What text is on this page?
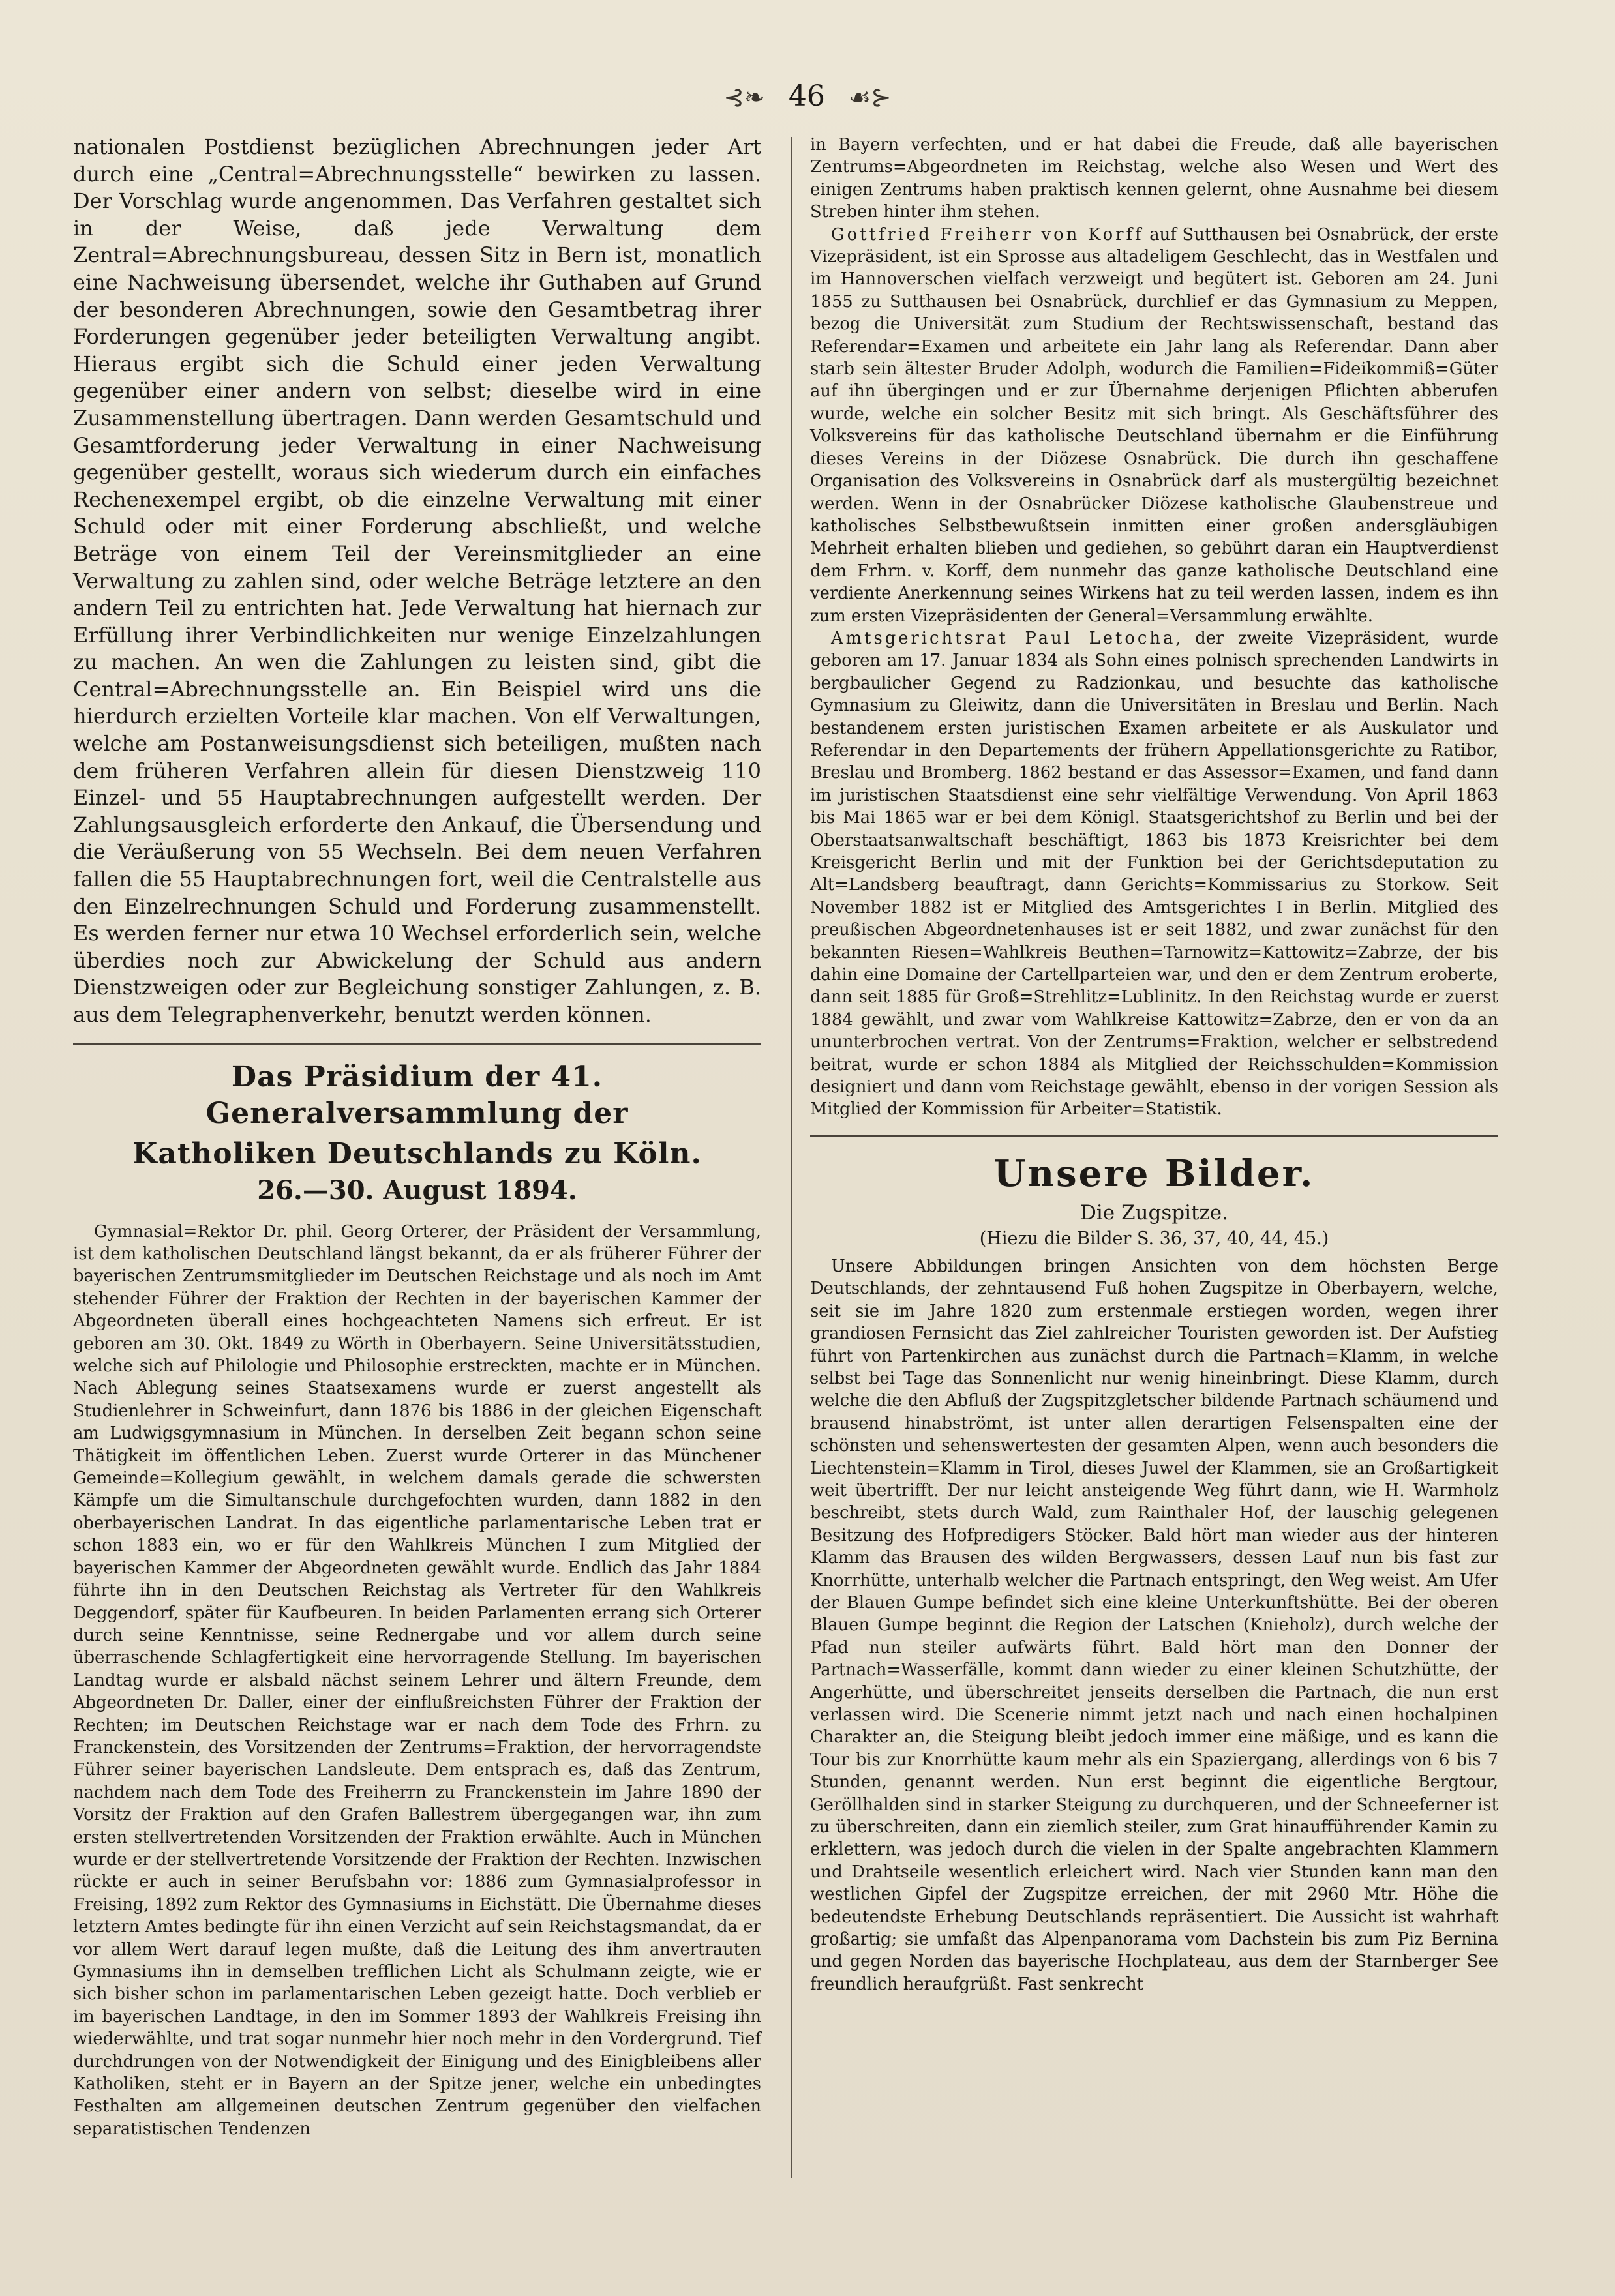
⊰❧ 46 ☙⊱

nationalen Postdienst bezüglichen Abrechnungen jeder Art durch eine „Central=Abrechnungsstelle“ bewirken zu lassen. Der Vorschlag wurde angenommen. Das Verfahren gestaltet sich in der Weise, daß jede Verwaltung dem Zentral=Abrechnungsbureau, dessen Sitz in Bern ist, monatlich eine Nachweisung übersendet, welche ihr Guthaben auf Grund der besonderen Abrechnungen, sowie den Gesamtbetrag ihrer Forderungen gegenüber jeder beteiligten Verwaltung angibt. Hieraus ergibt sich die Schuld einer jeden Verwaltung gegenüber einer andern von selbst; dieselbe wird in eine Zusammenstellung übertragen. Dann werden Gesamtschuld und Gesamtforderung jeder Verwaltung in einer Nachweisung gegenüber gestellt, woraus sich wiederum durch ein einfaches Rechenexempel ergibt, ob die einzelne Verwaltung mit einer Schuld oder mit einer Forderung abschließt, und welche Beträge von einem Teil der Vereinsmitglieder an eine Verwaltung zu zahlen sind, oder welche Beträge letztere an den andern Teil zu entrichten hat. Jede Verwaltung hat hiernach zur Erfüllung ihrer Verbindlichkeiten nur wenige Einzelzahlungen zu machen. An wen die Zahlungen zu leisten sind, gibt die Central=Abrechnungsstelle an. Ein Beispiel wird uns die hierdurch erzielten Vorteile klar machen. Von elf Verwaltungen, welche am Postanweisungsdienst sich beteiligen, mußten nach dem früheren Verfahren allein für diesen Dienstzweig 110 Einzel- und 55 Hauptabrechnungen aufgestellt werden. Der Zahlungsausgleich erforderte den Ankauf, die Übersendung und die Veräußerung von 55 Wechseln. Bei dem neuen Verfahren fallen die 55 Hauptabrechnungen fort, weil die Centralstelle aus den Einzelrechnungen Schuld und Forderung zusammenstellt. Es werden ferner nur etwa 10 Wechsel erforderlich sein, welche überdies noch zur Abwickelung der Schuld aus andern Dienstzweigen oder zur Begleichung sonstiger Zahlungen, z. B. aus dem Telegraphenverkehr, benutzt werden können.

Das Präsidium der 41. Generalversammlung der
Katholiken Deutschlands zu Köln.
26.—30. August 1894.

Gymnasial=Rektor Dr. phil. Georg Orterer, der Präsident der Versammlung, ist dem katholischen Deutschland längst bekannt, da er als früherer Führer der bayerischen Zentrumsmitglieder im Deutschen Reichstage und als noch im Amt stehender Führer der Fraktion der Rechten in der bayerischen Kammer der Abgeordneten überall eines hochgeachteten Namens sich erfreut. Er ist geboren am 30. Okt. 1849 zu Wörth in Oberbayern. Seine Universitätsstudien, welche sich auf Philologie und Philosophie erstreckten, machte er in München. Nach Ablegung seines Staatsexamens wurde er zuerst angestellt als Studienlehrer in Schweinfurt, dann 1876 bis 1886 in der gleichen Eigenschaft am Ludwigsgymnasium in München. In derselben Zeit begann schon seine Thätigkeit im öffentlichen Leben. Zuerst wurde Orterer in das Münchener Gemeinde=Kollegium gewählt, in welchem damals gerade die schwersten Kämpfe um die Simultanschule durchgefochten wurden, dann 1882 in den oberbayerischen Landrat. In das eigentliche parlamentarische Leben trat er schon 1883 ein, wo er für den Wahlkreis München I zum Mitglied der bayerischen Kammer der Abgeordneten gewählt wurde. Endlich das Jahr 1884 führte ihn in den Deutschen Reichstag als Vertreter für den Wahlkreis Deggendorf, später für Kaufbeuren. In beiden Parlamenten errang sich Orterer durch seine Kenntnisse, seine Rednergabe und vor allem durch seine überraschende Schlagfertigkeit eine hervorragende Stellung. Im bayerischen Landtag wurde er alsbald nächst seinem Lehrer und ältern Freunde, dem Abgeordneten Dr. Daller, einer der einflußreichsten Führer der Fraktion der Rechten; im Deutschen Reichstage war er nach dem Tode des Frhrn. zu Franckenstein, des Vorsitzenden der Zentrums=Fraktion, der hervorragendste Führer seiner bayerischen Landsleute. Dem entsprach es, daß das Zentrum, nachdem nach dem Tode des Freiherrn zu Franckenstein im Jahre 1890 der Vorsitz der Fraktion auf den Grafen Ballestrem übergegangen war, ihn zum ersten stellvertretenden Vorsitzenden der Fraktion erwählte. Auch in München wurde er der stellvertretende Vorsitzende der Fraktion der Rechten. Inzwischen rückte er auch in seiner Berufsbahn vor: 1886 zum Gymnasialprofessor in Freising, 1892 zum Rektor des Gymnasiums in Eichstätt. Die Übernahme dieses letztern Amtes bedingte für ihn einen Verzicht auf sein Reichstagsmandat, da er vor allem Wert darauf legen mußte, daß die Leitung des ihm anvertrauten Gymnasiums ihn in demselben trefflichen Licht als Schulmann zeigte, wie er sich bisher schon im parlamentarischen Leben gezeigt hatte. Doch verblieb er im bayerischen Landtage, in den im Sommer 1893 der Wahlkreis Freising ihn wiederwählte, und trat sogar nunmehr hier noch mehr in den Vordergrund. Tief durchdrungen von der Notwendigkeit der Einigung und des Einigbleibens aller Katholiken, steht er in Bayern an der Spitze jener, welche ein unbedingtes Festhalten am allgemeinen deutschen Zentrum gegenüber den vielfachen separatistischen Tendenzen

in Bayern verfechten, und er hat dabei die Freude, daß alle bayerischen Zentrums=Abgeordneten im Reichstag, welche also Wesen und Wert des einigen Zentrums haben praktisch kennen gelernt, ohne Ausnahme bei diesem Streben hinter ihm stehen.

Gottfried Freiherr von Korff auf Sutthausen bei Osnabrück, der erste Vizepräsident, ist ein Sprosse aus altadeligem Geschlecht, das in Westfalen und im Hannoverschen vielfach verzweigt und begütert ist. Geboren am 24. Juni 1855 zu Sutthausen bei Osnabrück, durchlief er das Gymnasium zu Meppen, bezog die Universität zum Studium der Rechtswissenschaft, bestand das Referendar=Examen und arbeitete ein Jahr lang als Referendar. Dann aber starb sein ältester Bruder Adolph, wodurch die Familien=Fideikommiß=Güter auf ihn übergingen und er zur Übernahme derjenigen Pflichten abberufen wurde, welche ein solcher Besitz mit sich bringt. Als Geschäftsführer des Volksvereins für das katholische Deutschland übernahm er die Einführung dieses Vereins in der Diözese Osnabrück. Die durch ihn geschaffene Organisation des Volksvereins in Osnabrück darf als mustergültig bezeichnet werden. Wenn in der Osnabrücker Diözese katholische Glaubenstreue und katholisches Selbstbewußtsein inmitten einer großen andersgläubigen Mehrheit erhalten blieben und gediehen, so gebührt daran ein Hauptverdienst dem Frhrn. v. Korff, dem nunmehr das ganze katholische Deutschland eine verdiente Anerkennung seines Wirkens hat zu teil werden lassen, indem es ihn zum ersten Vizepräsidenten der General=Versammlung erwählte.

Amtsgerichtsrat Paul Letocha, der zweite Vizepräsident, wurde geboren am 17. Januar 1834 als Sohn eines polnisch sprechenden Landwirts in bergbaulicher Gegend zu Radzionkau, und besuchte das katholische Gymnasium zu Gleiwitz, dann die Universitäten in Breslau und Berlin. Nach bestandenem ersten juristischen Examen arbeitete er als Auskulator und Referendar in den Departements der frühern Appellationsgerichte zu Ratibor, Breslau und Bromberg. 1862 bestand er das Assessor=Examen, und fand dann im juristischen Staatsdienst eine sehr vielfältige Verwendung. Von April 1863 bis Mai 1865 war er bei dem Königl. Staatsgerichtshof zu Berlin und bei der Oberstaatsanwaltschaft beschäftigt, 1863 bis 1873 Kreisrichter bei dem Kreisgericht Berlin und mit der Funktion bei der Gerichtsdeputation zu Alt=Landsberg beauftragt, dann Gerichts=Kommissarius zu Storkow. Seit November 1882 ist er Mitglied des Amtsgerichtes I in Berlin. Mitglied des preußischen Abgeordnetenhauses ist er seit 1882, und zwar zunächst für den bekannten Riesen=Wahlkreis Beuthen=Tarnowitz=Kattowitz=Zabrze, der bis dahin eine Domaine der Cartellparteien war, und den er dem Zentrum eroberte, dann seit 1885 für Groß=Strehlitz=Lublinitz. In den Reichstag wurde er zuerst 1884 gewählt, und zwar vom Wahlkreise Kattowitz=Zabrze, den er von da an ununterbrochen vertrat. Von der Zentrums=Fraktion, welcher er selbstredend beitrat, wurde er schon 1884 als Mitglied der Reichsschulden=Kommission designiert und dann vom Reichstage gewählt, ebenso in der vorigen Session als Mitglied der Kommission für Arbeiter=Statistik.

Unsere Bilder.
Die Zugspitze.
(Hiezu die Bilder S. 36, 37, 40, 44, 45.)

Unsere Abbildungen bringen Ansichten von dem höchsten Berge Deutschlands, der zehntausend Fuß hohen Zugspitze in Oberbayern, welche, seit sie im Jahre 1820 zum erstenmale erstiegen worden, wegen ihrer grandiosen Fernsicht das Ziel zahlreicher Touristen geworden ist. Der Aufstieg führt von Partenkirchen aus zunächst durch die Partnach=Klamm, in welche selbst bei Tage das Sonnenlicht nur wenig hineinbringt. Diese Klamm, durch welche die den Abfluß der Zugspitzgletscher bildende Partnach schäumend und brausend hinabströmt, ist unter allen derartigen Felsenspalten eine der schönsten und sehenswertesten der gesamten Alpen, wenn auch besonders die Liechtenstein=Klamm in Tirol, dieses Juwel der Klammen, sie an Großartigkeit weit übertrifft. Der nur leicht ansteigende Weg führt dann, wie H. Warmholz beschreibt, stets durch Wald, zum Rainthaler Hof, der lauschig gelegenen Besitzung des Hofpredigers Stöcker. Bald hört man wieder aus der hinteren Klamm das Brausen des wilden Bergwassers, dessen Lauf nun bis fast zur Knorrhütte, unterhalb welcher die Partnach entspringt, den Weg weist. Am Ufer der Blauen Gumpe befindet sich eine kleine Unterkunftshütte. Bei der oberen Blauen Gumpe beginnt die Region der Latschen (Knieholz), durch welche der Pfad nun steiler aufwärts führt. Bald hört man den Donner der Partnach=Wasserfälle, kommt dann wieder zu einer kleinen Schutzhütte, der Angerhütte, und überschreitet jenseits derselben die Partnach, die nun erst verlassen wird. Die Scenerie nimmt jetzt nach und nach einen hochalpinen Charakter an, die Steigung bleibt jedoch immer eine mäßige, und es kann die Tour bis zur Knorrhütte kaum mehr als ein Spaziergang, allerdings von 6 bis 7 Stunden, genannt werden. Nun erst beginnt die eigentliche Bergtour, Geröllhalden sind in starker Steigung zu durchqueren, und der Schneeferner ist zu überschreiten, dann ein ziemlich steiler, zum Grat hinaufführender Kamin zu erklettern, was jedoch durch die vielen in der Spalte angebrachten Klammern und Drahtseile wesentlich erleichert wird. Nach vier Stunden kann man den westlichen Gipfel der Zugspitze erreichen, der mit 2960 Mtr. Höhe die bedeutendste Erhebung Deutschlands repräsentiert. Die Aussicht ist wahrhaft großartig; sie umfaßt das Alpenpanorama vom Dachstein bis zum Piz Bernina und gegen Norden das bayerische Hochplateau, aus dem der Starnberger See freundlich heraufgrüßt. Fast senkrecht
